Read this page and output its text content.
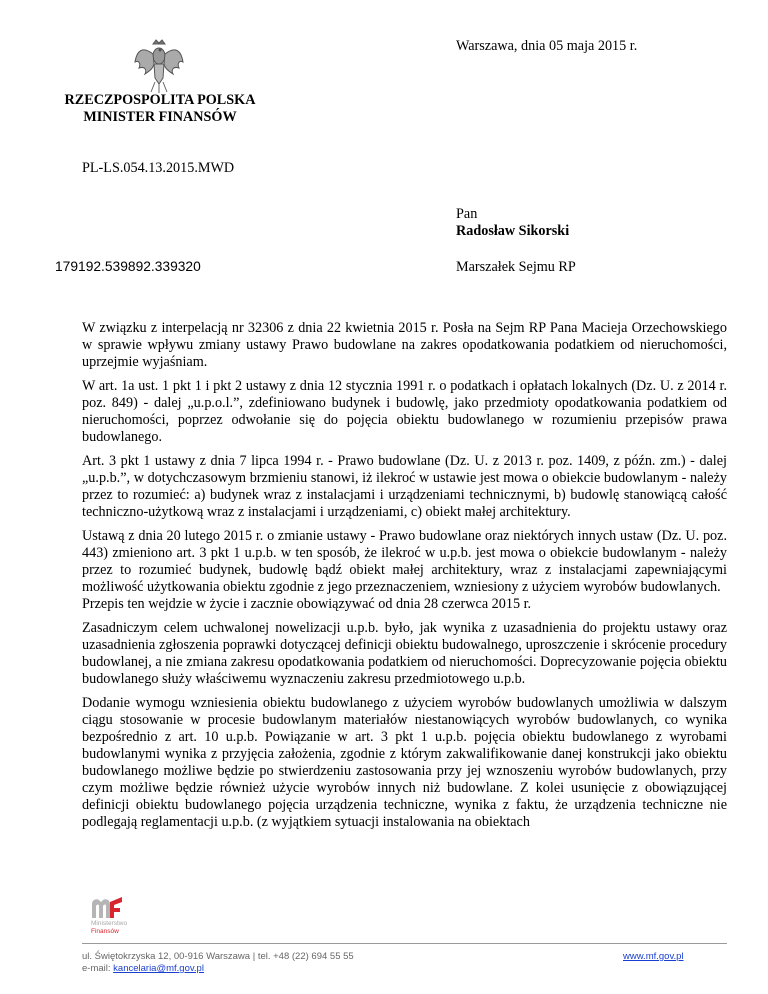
Warszawa, dnia 05 maja 2015 r.
RZECZPOSPOLITA POLSKA
MINISTER FINANSÓW
PL-LS.054.13.2015.MWD
Pan
Radosław Sikorski
Marszałek Sejmu RP
179192.539892.339320

W związku z interpelacją nr 32306 z dnia 22 kwietnia 2015 r. Posła na Sejm RP Pana Macieja Orzechowskiego w sprawie wpływu zmiany ustawy Prawo budowlane na zakres opodatkowania podatkiem od nieruchomości, uprzejmie wyjaśniam.

W art. 1a ust. 1 pkt 1 i pkt 2 ustawy z dnia 12 stycznia 1991 r. o podatkach i opłatach lokalnych (Dz. U. z 2014 r. poz. 849) - dalej „u.p.o.l.”, zdefiniowano budynek i budowlę, jako przedmioty opodatkowania podatkiem od nieruchomości, poprzez odwołanie się do pojęcia obiektu budowlanego w rozumieniu przepisów prawa budowlanego.

Art. 3 pkt 1 ustawy z dnia 7 lipca 1994 r. - Prawo budowlane (Dz. U. z 2013 r. poz. 1409, z późn. zm.) - dalej „u.p.b.”, w dotychczasowym brzmieniu stanowi, iż ilekroć w ustawie jest mowa o obiekcie budowlanym - należy przez to rozumieć: a) budynek wraz z instalacjami i urządzeniami technicznymi, b) budowlę stanowiącą całość techniczno-użytkową wraz z instalacjami i urządzeniami, c) obiekt małej architektury.

Ustawą z dnia 20 lutego 2015 r. o zmianie ustawy - Prawo budowlane oraz niektórych innych ustaw (Dz. U. poz. 443) zmieniono art. 3 pkt 1 u.p.b. w ten sposób, że ilekroć w u.p.b. jest mowa o obiekcie budowlanym - należy przez to rozumieć budynek, budowlę bądź obiekt małej architektury, wraz z instalacjami zapewniającymi możliwość użytkowania obiektu zgodnie z jego przeznaczeniem, wzniesiony z użyciem wyrobów budowlanych.

Przepis ten wejdzie w życie i zacznie obowiązywać od dnia 28 czerwca 2015 r.

Zasadniczym celem uchwalonej nowelizacji u.p.b. było, jak wynika z uzasadnienia do projektu ustawy oraz uzasadnienia zgłoszenia poprawki dotyczącej definicji obiektu budowalnego, uproszczenie i skrócenie procedury budowlanej, a nie zmiana zakresu opodatkowania podatkiem od nieruchomości. Doprecyzowanie pojęcia obiektu budowlanego służy właściwemu wyznaczeniu zakresu przedmiotowego u.p.b.

Dodanie wymogu wzniesienia obiektu budowlanego z użyciem wyrobów budowlanych umożliwia w dalszym ciągu stosowanie w procesie budowlanym materiałów niestanowiących wyrobów budowlanych, co wynika bezpośrednio z art. 10 u.p.b. Powiązanie w art. 3 pkt 1 u.p.b. pojęcia obiektu budowlanego z wyrobami budowlanymi wynika z przyjęcia założenia, zgodnie z którym zakwalifikowanie danej konstrukcji jako obiektu budowlanego możliwe będzie po stwierdzeniu zastosowania przy jej wznoszeniu wyrobów budowlanych, przy czym możliwe będzie również użycie wyrobów innych niż budowlane. Z kolei usunięcie z obowiązującej definicji obiektu budowlanego pojęcia urządzenia techniczne, wynika z faktu, że urządzenia techniczne nie podlegają reglamentacji u.p.b. (z wyjątkiem sytuacji instalowania na obiektach

Ministerstwo
Finansów
ul. Świętokrzyska 12, 00-916 Warszawa | tel. +48 (22) 694 55 55
e-mail: kancelaria@mf.gov.pl
www.mf.gov.pl
